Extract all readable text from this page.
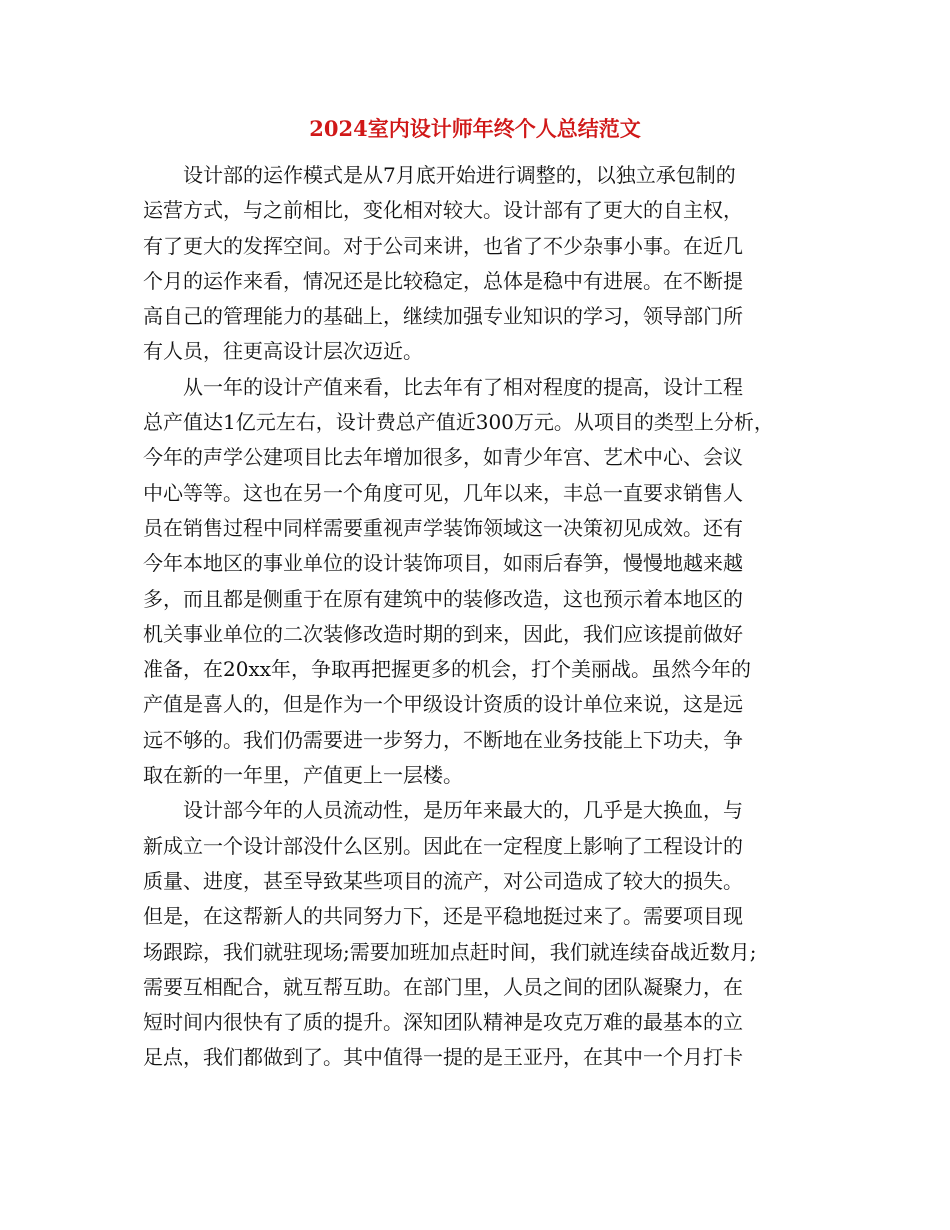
2024室内设计师年终个人总结范文
设计部的运作模式是从7月底开始进行调整的，以独立承包制的
运营方式，与之前相比，变化相对较大。设计部有了更大的自主权，
有了更大的发挥空间。对于公司来讲，也省了不少杂事小事。在近几
个月的运作来看，情况还是比较稳定，总体是稳中有进展。在不断提
高自己的管理能力的基础上，继续加强专业知识的学习，领导部门所
有人员，往更高设计层次迈近。
从一年的设计产值来看，比去年有了相对程度的提高，设计工程
总产值达1亿元左右，设计费总产值近300万元。从项目的类型上分析，
今年的声学公建项目比去年增加很多，如青少年宫、艺术中心、会议
中心等等。这也在另一个角度可见，几年以来，丰总一直要求销售人
员在销售过程中同样需要重视声学装饰领域这一决策初见成效。还有
今年本地区的事业单位的设计装饰项目，如雨后春笋，慢慢地越来越
多，而且都是侧重于在原有建筑中的装修改造，这也预示着本地区的
机关事业单位的二次装修改造时期的到来，因此，我们应该提前做好
准备，在20xx年，争取再把握更多的机会，打个美丽战。虽然今年的
产值是喜人的，但是作为一个甲级设计资质的设计单位来说，这是远
远不够的。我们仍需要进一步努力，不断地在业务技能上下功夫，争
取在新的一年里，产值更上一层楼。
设计部今年的人员流动性，是历年来最大的，几乎是大换血，与
新成立一个设计部没什么区别。因此在一定程度上影响了工程设计的
质量、进度，甚至导致某些项目的流产，对公司造成了较大的损失。
但是，在这帮新人的共同努力下，还是平稳地挺过来了。需要项目现
场跟踪，我们就驻现场;需要加班加点赶时间，我们就连续奋战近数月;
需要互相配合，就互帮互助。在部门里，人员之间的团队凝聚力，在
短时间内很快有了质的提升。深知团队精神是攻克万难的最基本的立
足点，我们都做到了。其中值得一提的是王亚丹，在其中一个月打卡
